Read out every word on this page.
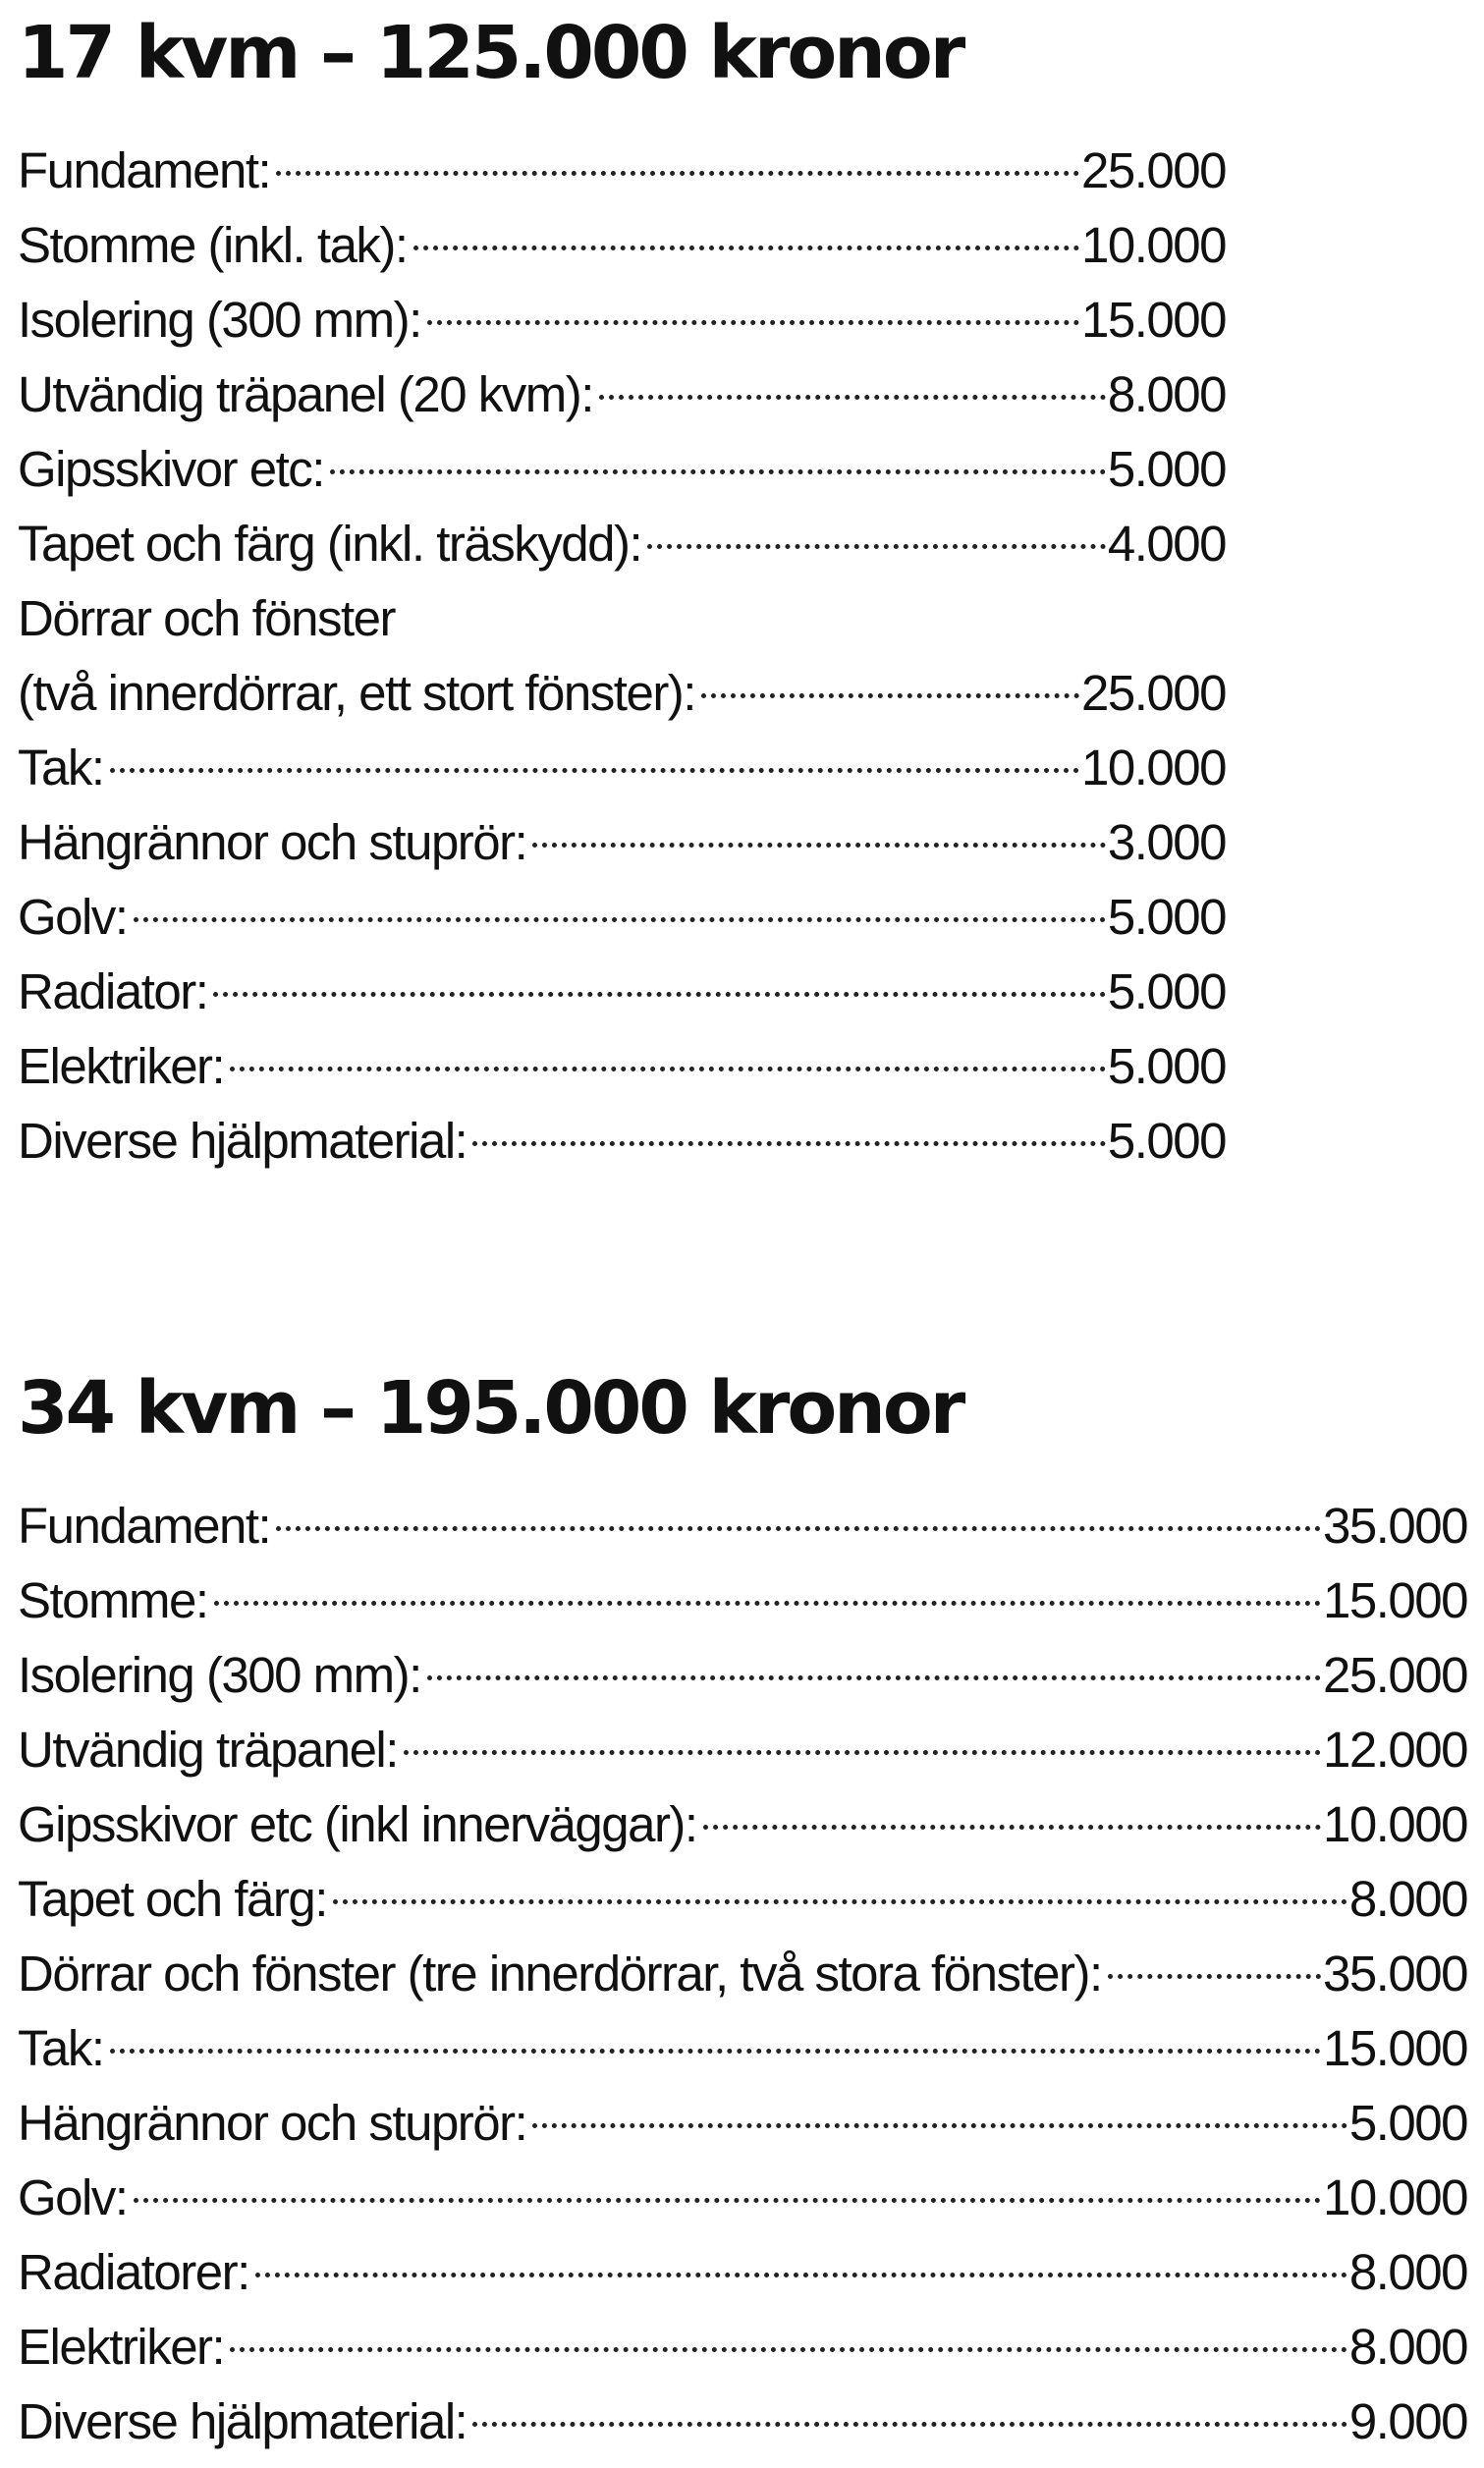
17 kvm – 125.000 kronor
Fundament:	25.000
Stomme (inkl. tak):	10.000
Isolering (300 mm):	15.000
Utvändig träpanel (20 kvm):	8.000
Gipsskivor etc:	5.000
Tapet och färg (inkl. träskydd):	4.000
Dörrar och fönster
(två innerdörrar, ett stort fönster):	25.000
Tak:	10.000
Hängrännor och stuprör:	3.000
Golv:	5.000
Radiator:	5.000
Elektriker:	5.000
Diverse hjälpmaterial:	5.000
34 kvm – 195.000 kronor
Fundament:	35.000
Stomme:	15.000
Isolering (300 mm):	25.000
Utvändig träpanel:	12.000
Gipsskivor etc (inkl innerväggar):	10.000
Tapet och färg:	8.000
Dörrar och fönster (tre innerdörrar, två stora fönster):	35.000
Tak:	15.000
Hängrännor och stuprör:	5.000
Golv:	10.000
Radiatorer:	8.000
Elektriker:	8.000
Diverse hjälpmaterial:	9.000
